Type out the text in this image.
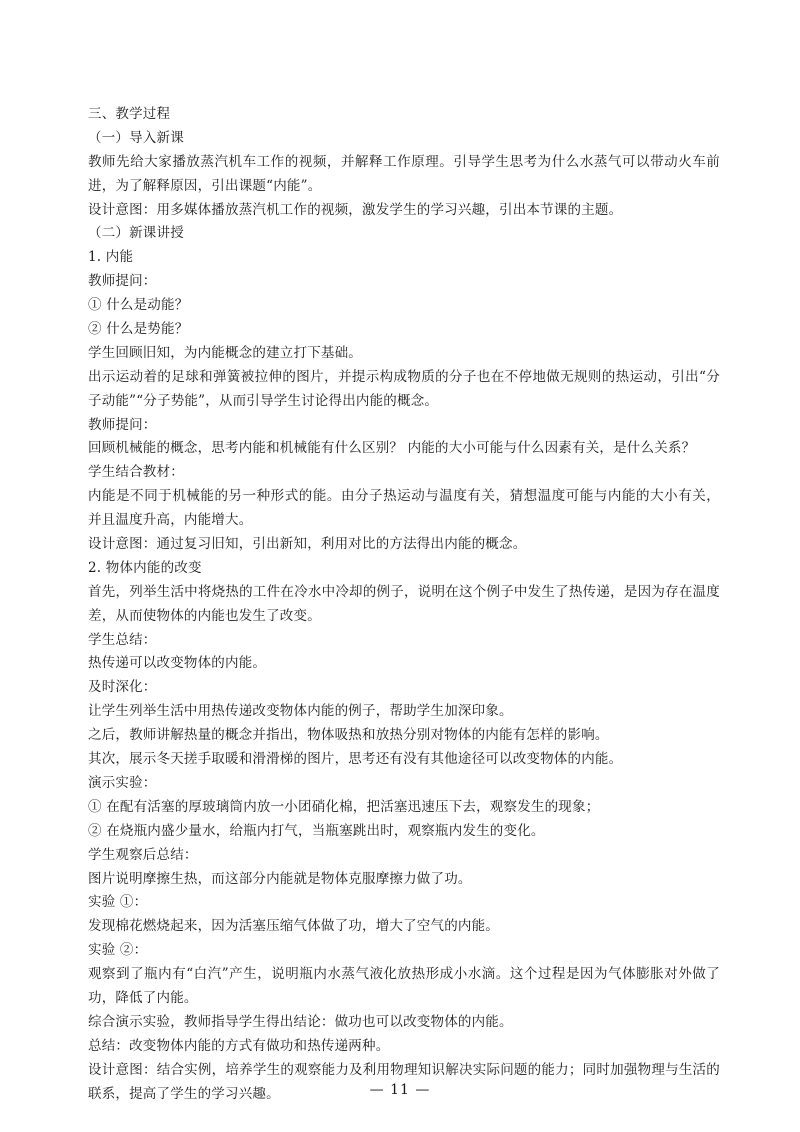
三、教学过程
（一）导入新课
教师先给大家播放蒸汽机车工作的视频，并解释工作原理。引导学生思考为什么水蒸气可以带动火车前
进，为了解释原因，引出课题“内能”。
设计意图：用多媒体播放蒸汽机工作的视频，激发学生的学习兴趣，引出本节课的主题。
（二）新课讲授
1. 内能
教师提问：
① 什么是动能？
② 什么是势能？
学生回顾旧知，为内能概念的建立打下基础。
出示运动着的足球和弹簧被拉伸的图片，并提示构成物质的分子也在不停地做无规则的热运动，引出“分
子动能”“分子势能”，从而引导学生讨论得出内能的概念。
教师提问：
回顾机械能的概念，思考内能和机械能有什么区别？ 内能的大小可能与什么因素有关，是什么关系？
学生结合教材：
内能是不同于机械能的另一种形式的能。由分子热运动与温度有关，猜想温度可能与内能的大小有关，
并且温度升高，内能增大。
设计意图：通过复习旧知，引出新知，利用对比的方法得出内能的概念。
2. 物体内能的改变
首先，列举生活中将烧热的工件在冷水中冷却的例子，说明在这个例子中发生了热传递，是因为存在温度
差，从而使物体的内能也发生了改变。
学生总结：
热传递可以改变物体的内能。
及时深化：
让学生列举生活中用热传递改变物体内能的例子，帮助学生加深印象。
之后，教师讲解热量的概念并指出，物体吸热和放热分别对物体的内能有怎样的影响。
其次，展示冬天搓手取暖和滑滑梯的图片，思考还有没有其他途径可以改变物体的内能。
演示实验：
① 在配有活塞的厚玻璃筒内放一小团硝化棉，把活塞迅速压下去，观察发生的现象；
② 在烧瓶内盛少量水，给瓶内打气，当瓶塞跳出时，观察瓶内发生的变化。
学生观察后总结：
图片说明摩擦生热，而这部分内能就是物体克服摩擦力做了功。
实验 ①：
发现棉花燃烧起来，因为活塞压缩气体做了功，增大了空气的内能。
实验 ②：
观察到了瓶内有“白汽”产生，说明瓶内水蒸气液化放热形成小水滴。这个过程是因为气体膨胀对外做了
功，降低了内能。
综合演示实验，教师指导学生得出结论：做功也可以改变物体的内能。
总结：改变物体内能的方式有做功和热传递两种。
设计意图：结合实例，培养学生的观察能力及利用物理知识解决实际问题的能力；同时加强物理与生活的
联系，提高了学生的学习兴趣。	— 11 —
